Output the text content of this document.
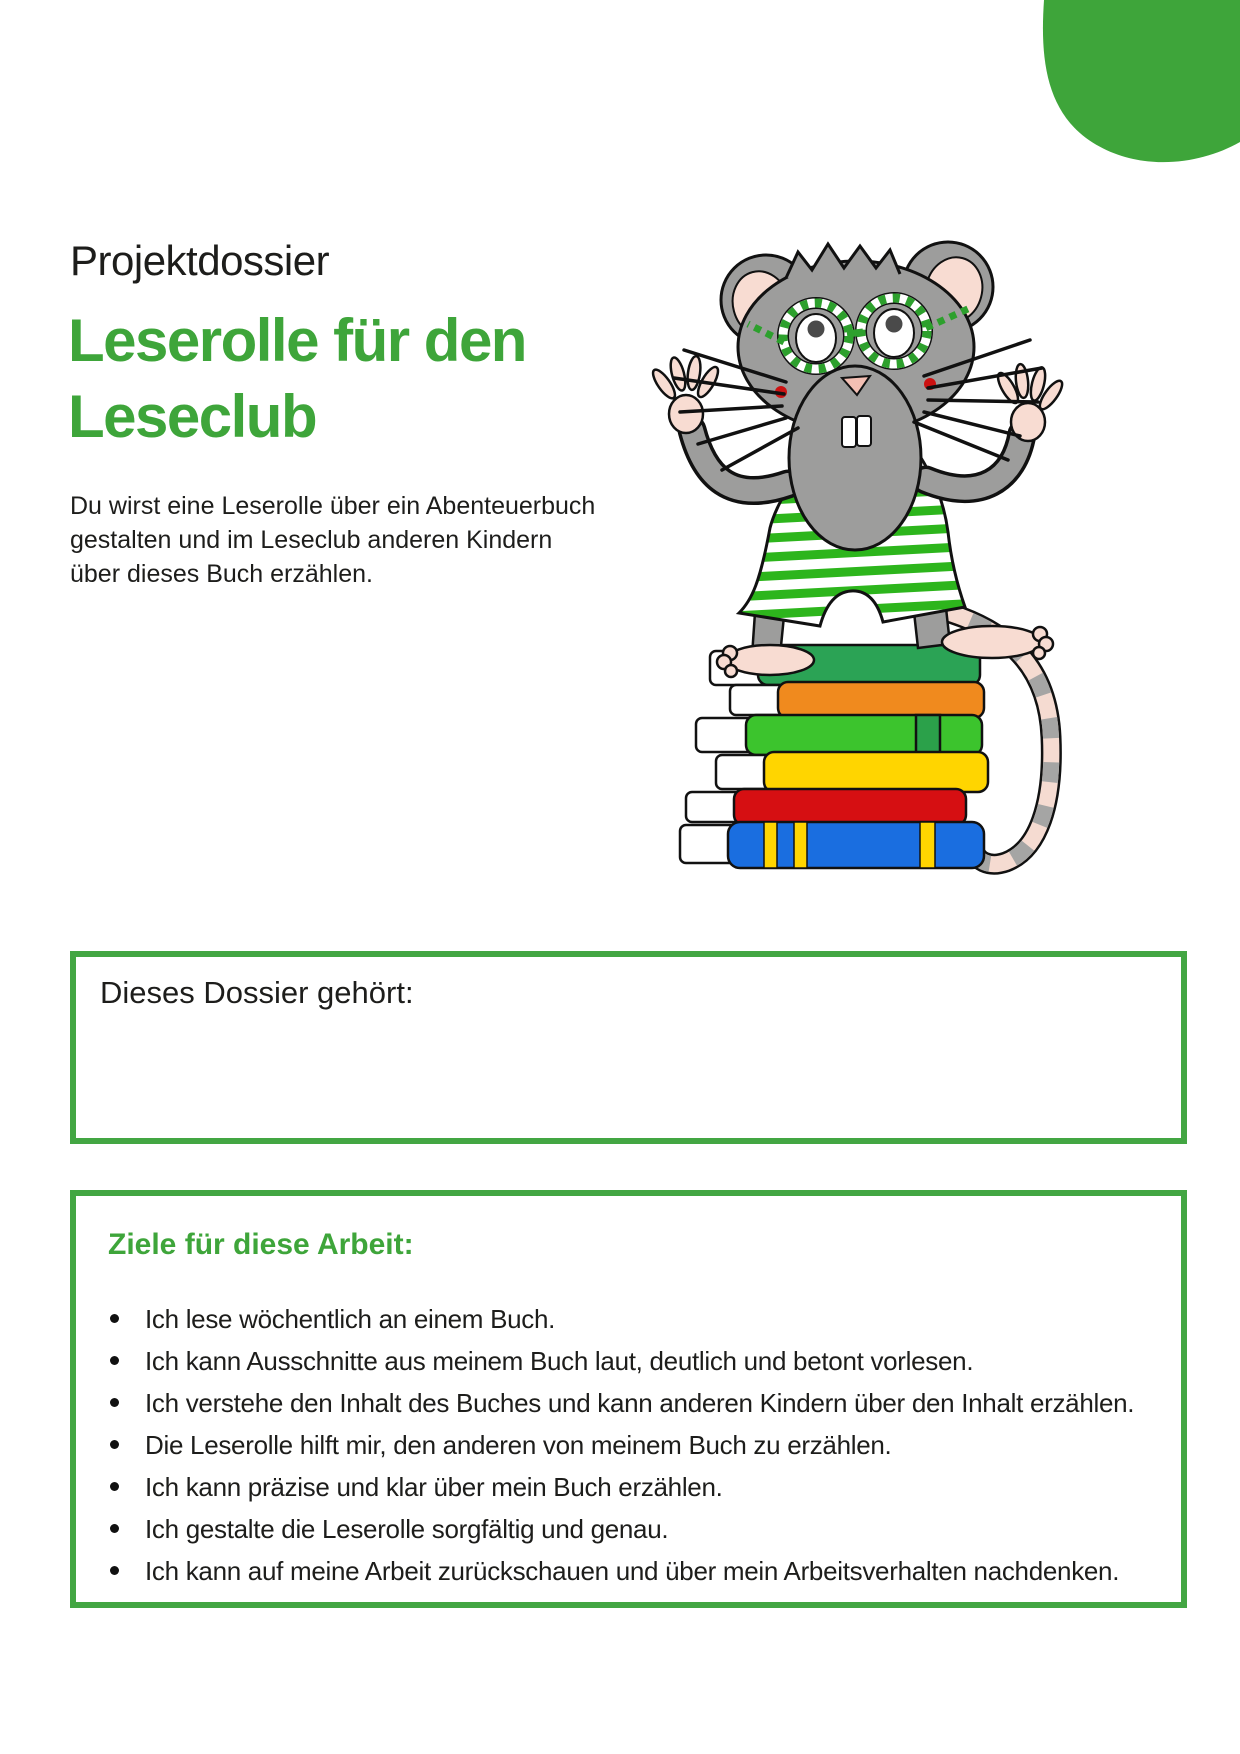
Projektdossier
Leserolle für den
Leseclub

Du wirst eine Leserolle über ein Abenteuerbuch
gestalten und im Leseclub anderen Kindern
über dieses Buch erzählen.

Dieses Dossier gehört:
Ziele für diese Arbeit:
Ich lese wöchentlich an einem Buch.
Ich kann Ausschnitte aus meinem Buch laut, deutlich und betont vorlesen.
Ich verstehe den Inhalt des Buches und kann anderen Kindern über den Inhalt erzählen.
Die Leserolle hilft mir, den anderen von meinem Buch zu erzählen.
Ich kann präzise und klar über mein Buch erzählen.
Ich gestalte die Leserolle sorgfältig und genau.
Ich kann auf meine Arbeit zurückschauen und über mein Arbeitsverhalten nachdenken.
